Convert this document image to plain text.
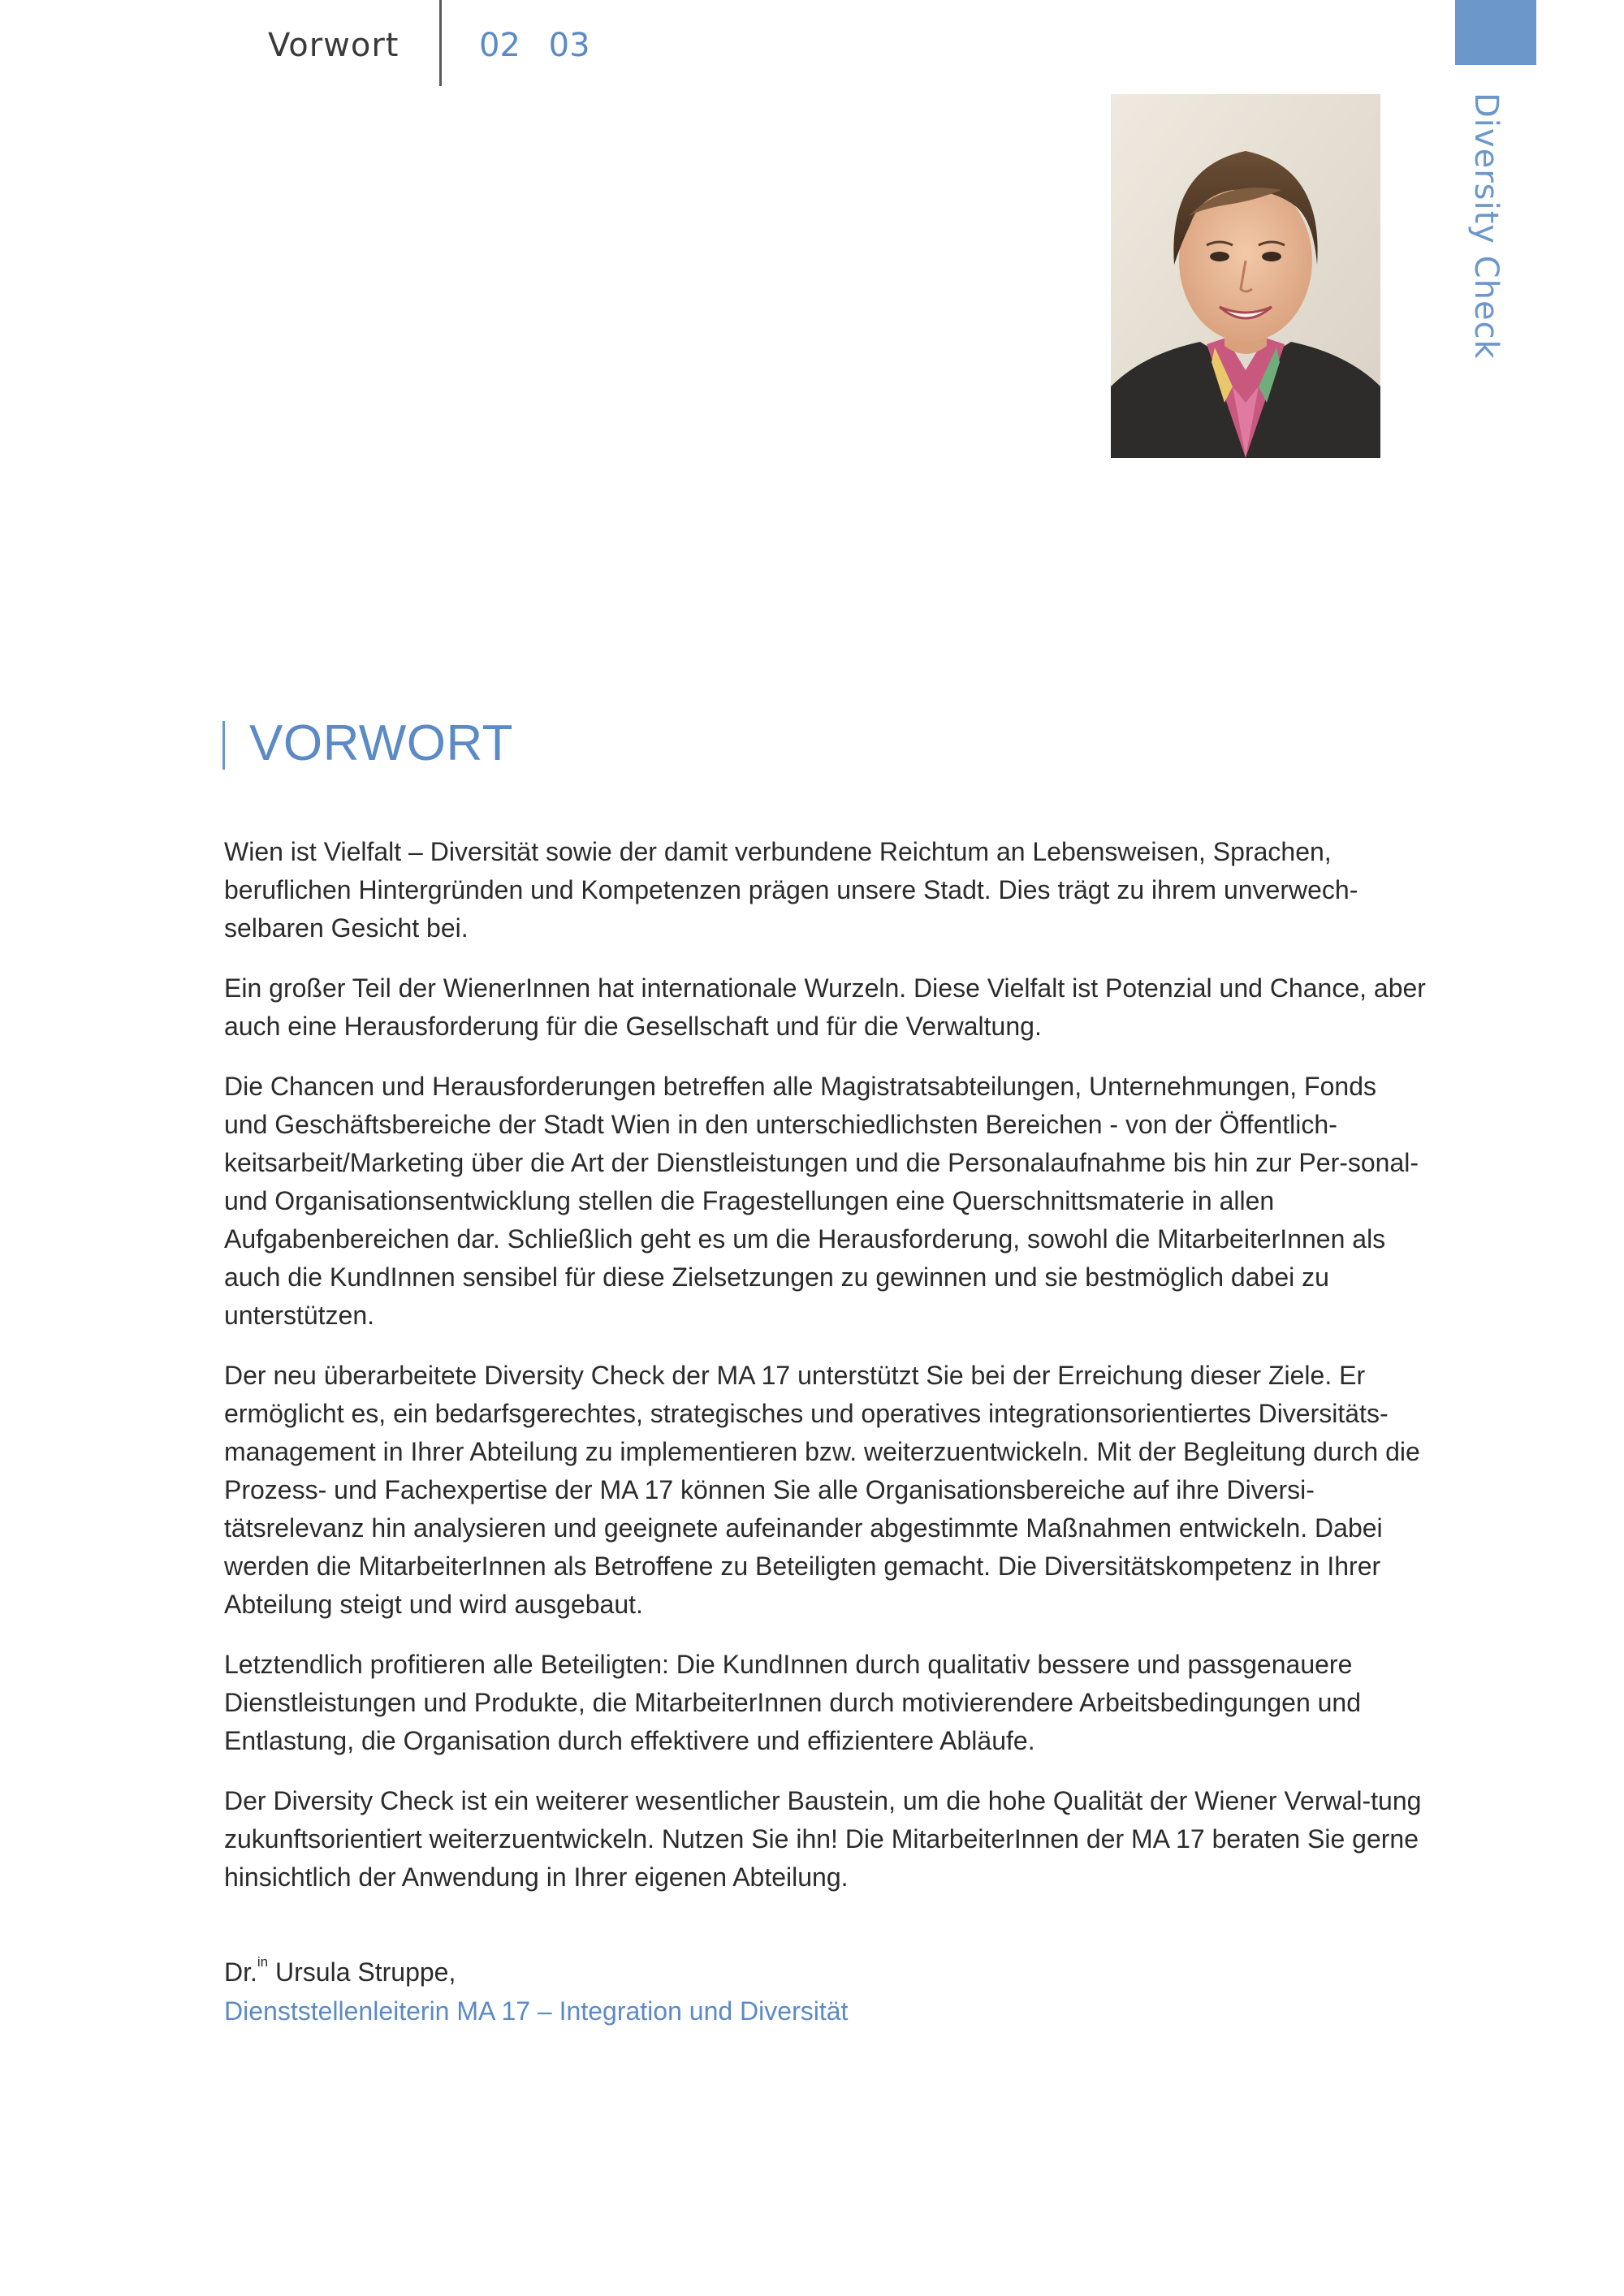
Vorwort 02 03
Diversity Check
VORWORT

Wien ist Vielfalt – Diversität sowie der damit verbundene Reichtum an Lebensweisen, Sprachen, beruflichen Hintergründen und Kompetenzen prägen unsere Stadt. Dies trägt zu ihrem unverwech-selbaren Gesicht bei.

Ein großer Teil der WienerInnen hat internationale Wurzeln. Diese Vielfalt ist Potenzial und Chance, aber auch eine Herausforderung für die Gesellschaft und für die Verwaltung.

Die Chancen und Herausforderungen betreffen alle Magistratsabteilungen, Unternehmungen, Fonds und Geschäftsbereiche der Stadt Wien in den unterschiedlichsten Bereichen - von der Öffentlich-keitsarbeit/Marketing über die Art der Dienstleistungen und die Personalaufnahme bis hin zur Per-sonal- und Organisationsentwicklung stellen die Fragestellungen eine Querschnittsmaterie in allen Aufgabenbereichen dar. Schließlich geht es um die Herausforderung, sowohl die MitarbeiterInnen als auch die KundInnen sensibel für diese Zielsetzungen zu gewinnen und sie bestmöglich dabei zu unterstützen.

Der neu überarbeitete Diversity Check der MA 17 unterstützt Sie bei der Erreichung dieser Ziele. Er ermöglicht es, ein bedarfsgerechtes, strategisches und operatives integrationsorientiertes Diversitäts-management in Ihrer Abteilung zu implementieren bzw. weiterzuentwickeln. Mit der Begleitung durch die Prozess- und Fachexpertise der MA 17 können Sie alle Organisationsbereiche auf ihre Diversi-tätsrelevanz hin analysieren und geeignete aufeinander abgestimmte Maßnahmen entwickeln. Dabei werden die MitarbeiterInnen als Betroffene zu Beteiligten gemacht. Die Diversitätskompetenz in Ihrer Abteilung steigt und wird ausgebaut.

Letztendlich profitieren alle Beteiligten: Die KundInnen durch qualitativ bessere und passgenauere Dienstleistungen und Produkte, die MitarbeiterInnen durch motivierendere Arbeitsbedingungen und Entlastung, die Organisation durch effektivere und effizientere Abläufe.

Der Diversity Check ist ein weiterer wesentlicher Baustein, um die hohe Qualität der Wiener Verwal-tung zukunftsorientiert weiterzuentwickeln. Nutzen Sie ihn! Die MitarbeiterInnen der MA 17 beraten Sie gerne hinsichtlich der Anwendung in Ihrer eigenen Abteilung.

Dr.$^{in}$ Ursula Struppe,
Dienststellenleiterin MA 17 – Integration und Diversität
